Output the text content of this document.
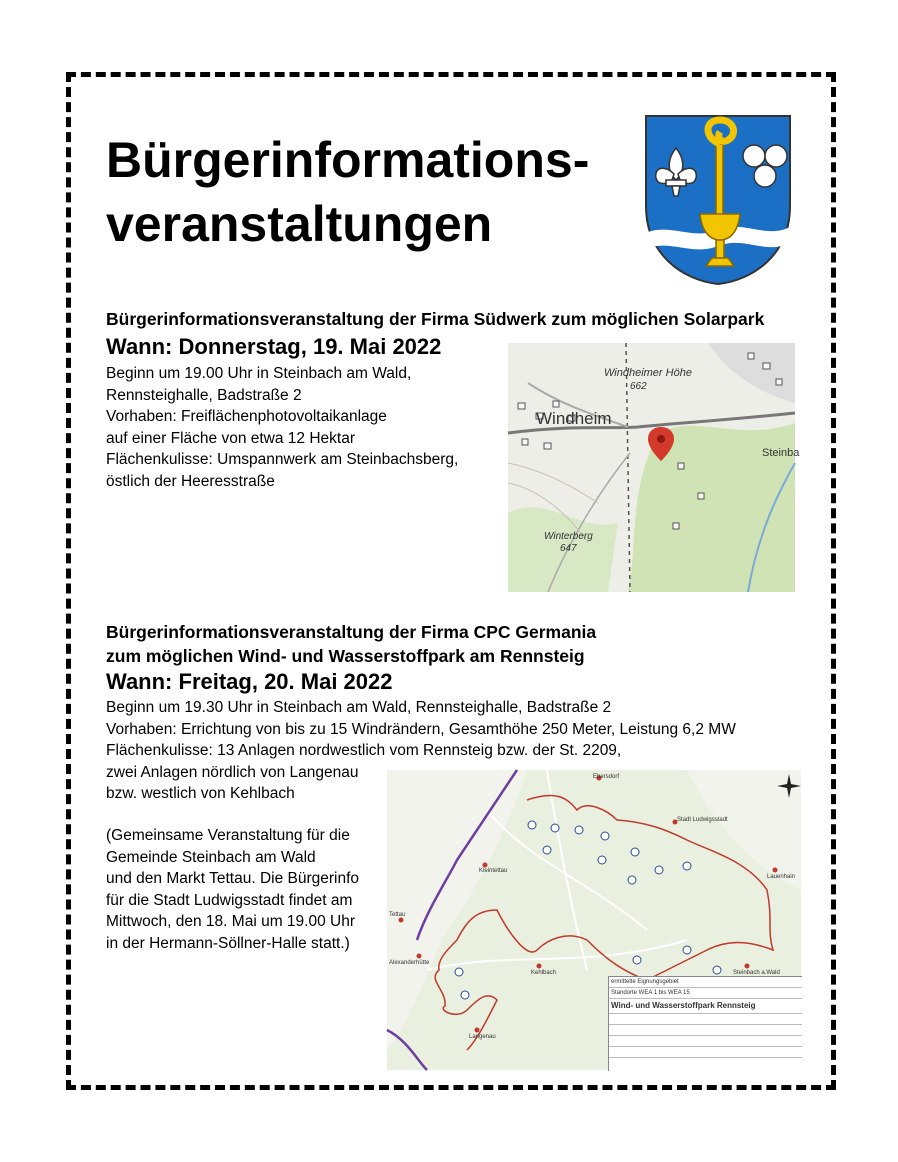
Bürgerinformations-
veranstaltungen
Bürgerinformationsveranstaltung der Firma Südwerk zum möglichen Solarpark
Wann: Donnerstag, 19. Mai 2022
Beginn um 19.00 Uhr in Steinbach am Wald,
Rennsteighalle, Badstraße 2
Vorhaben: Freiflächenphotovoltaikanlage
auf einer Fläche von etwa 12 Hektar
Flächenkulisse: Umspannwerk am Steinbachsberg,
östlich der Heeresstraße
Windheimer Höhe
662
Windheim
Steinba
Winterberg
647
Bürgerinformationsveranstaltung der Firma CPC Germania
zum möglichen Wind- und Wasserstoffpark am Rennsteig
Wann: Freitag, 20. Mai 2022
Beginn um 19.30 Uhr in Steinbach am Wald, Rennsteighalle, Badstraße 2
Vorhaben: Errichtung von bis zu 15 Windrändern, Gesamthöhe 250 Meter, Leistung 6,2 MW
Flächenkulisse: 13 Anlagen nordwestlich vom Rennsteig bzw. der St. 2209,
zwei Anlagen nördlich von Langenau
bzw. westlich von Kehlbach
(Gemeinsame Veranstaltung für die
Gemeinde Steinbach am Wald
und den Markt Tettau. Die Bürgerinfo
für die Stadt Ludwigsstadt findet am
Mittwoch, den 18. Mai um 19.00 Uhr
in der Hermann-Söllner-Halle statt.)
Ebersdorf
Stadt Ludwigsstadt
Kleintettau
Tettau
Alexanderhütte
Kehlbach
Langenau
Steinbach a.Wald
Lauenhain
ermittelte Eignungsgebiet
Standorte WEA 1 bis WEA 15
Wind- und Wasserstoffpark Rennsteig
